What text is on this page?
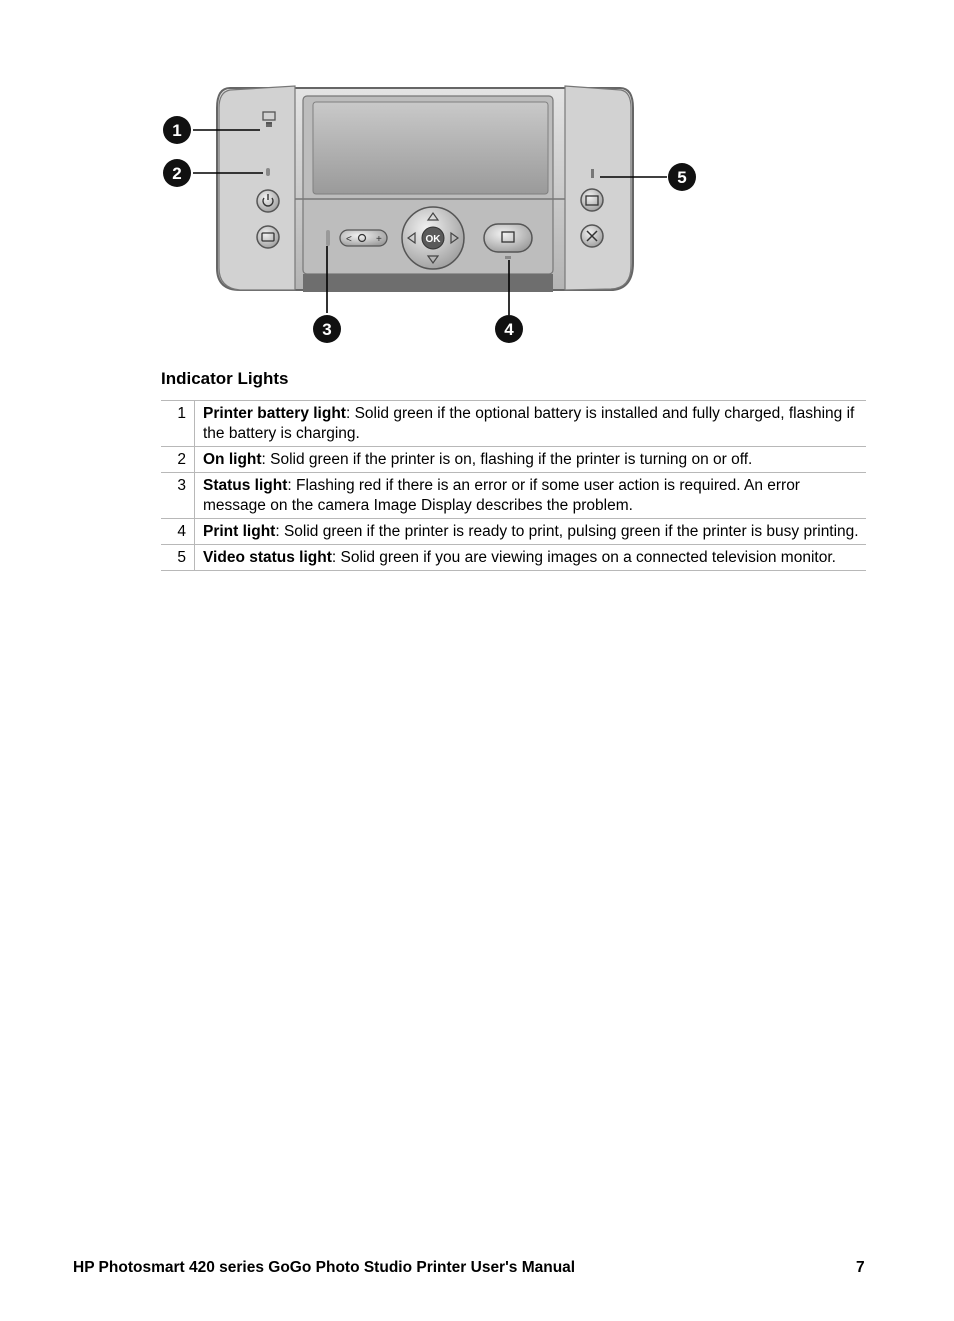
< +	OK
1
2
3	4
5
Indicator Lights
1	Printer battery light: Solid green if the optional battery is installed and fully charged, flashing if the battery is charging.
2	On light: Solid green if the printer is on, flashing if the printer is turning on or off.
3	Status light: Flashing red if there is an error or if some user action is required. An error message on the camera Image Display describes the problem.
4	Print light: Solid green if the printer is ready to print, pulsing green if the printer is busy printing.
5	Video status light: Solid green if you are viewing images on a connected television monitor.
HP Photosmart 420 series GoGo Photo Studio Printer User's Manual	7
